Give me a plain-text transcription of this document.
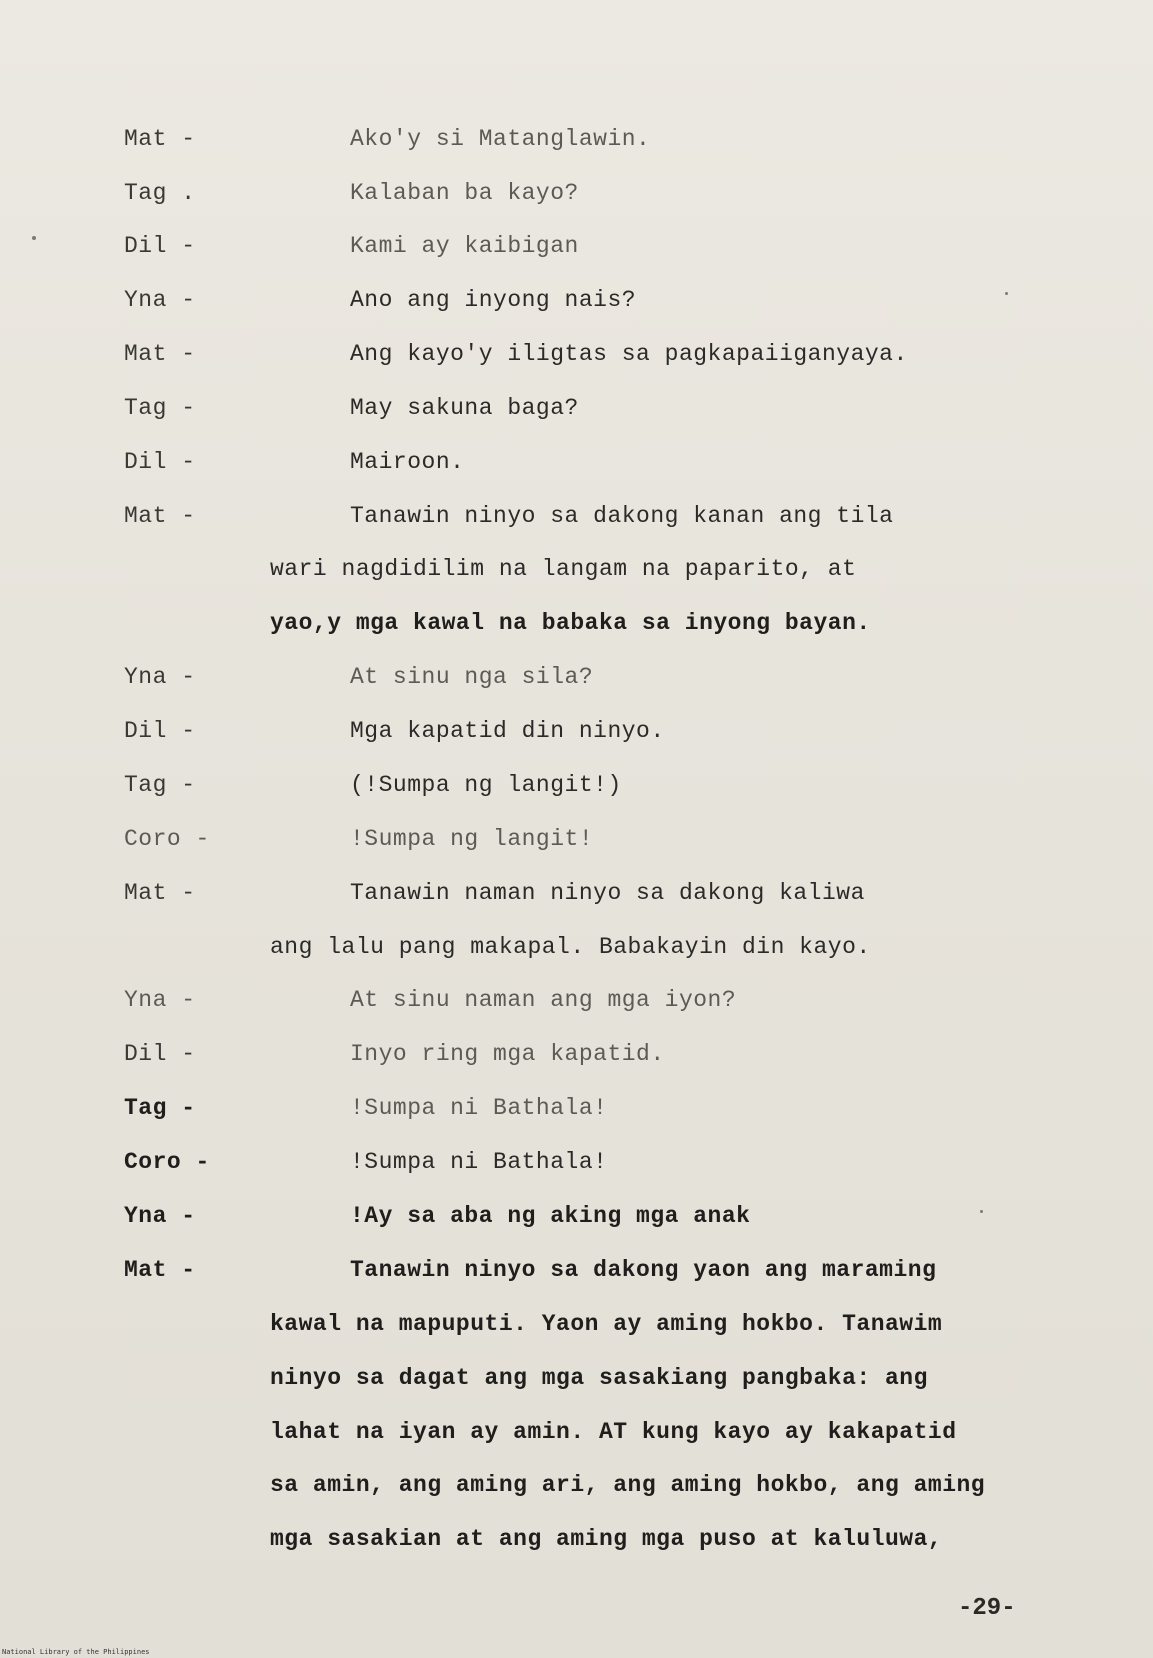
Mat -	Ako'y si Matanglawin.
Tag .	Kalaban ba kayo?
Dil -	Kami ay kaibigan
Yna -	Ano ang inyong nais?
Mat -	Ang kayo'y iligtas sa pagkapaiiganyaya.
Tag -	May sakuna baga?
Dil -	Mairoon.
Mat -	Tanawin ninyo sa dakong kanan ang tila
wari nagdidilim na langam na paparito, at
yao,y mga kawal na babaka sa inyong bayan.
Yna -	At sinu nga sila?
Dil -	Mga kapatid din ninyo.
Tag -	(!Sumpa ng langit!)
Coro -	!Sumpa ng langit!
Mat -	Tanawin naman ninyo sa dakong kaliwa
ang lalu pang makapal. Babakayin din kayo.
Yna -	At sinu naman ang mga iyon?
Dil -	Inyo ring mga kapatid.
Tag -	!Sumpa ni Bathala!
Coro -	!Sumpa ni Bathala!
Yna -	!Ay sa aba ng aking mga anak
Mat -	Tanawin ninyo sa dakong yaon ang maraming
kawal na mapuputi. Yaon ay aming hokbo. Tanawim
ninyo sa dagat ang mga sasakiang pangbaka: ang
lahat na iyan ay amin. AT kung kayo ay kakapatid
sa amin, ang aming ari, ang aming hokbo, ang aming
mga sasakian at ang aming mga puso at kaluluwa,
-29-
National Library of the Philippines
